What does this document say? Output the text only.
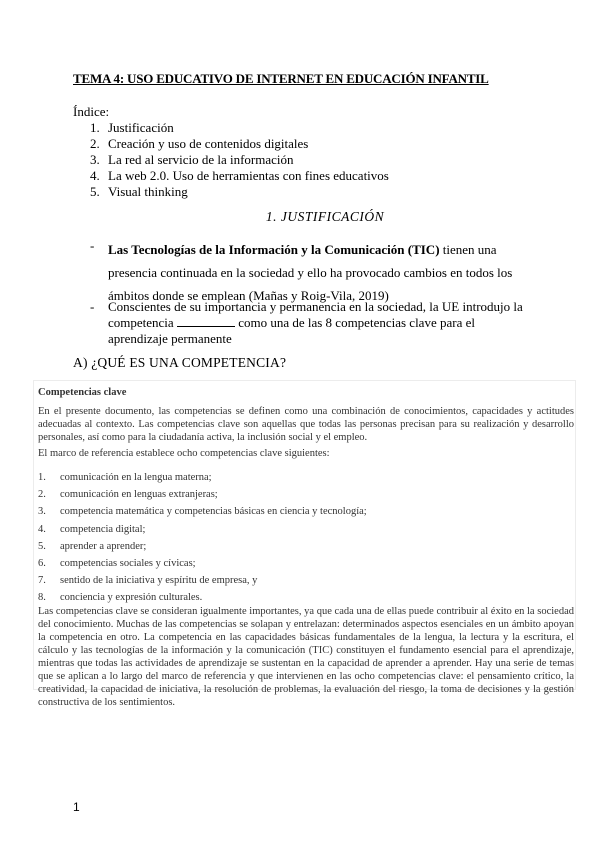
TEMA 4: USO EDUCATIVO DE INTERNET EN EDUCACIÓN INFANTIL
Índice:
1. Justificación
2. Creación y uso de contenidos digitales
3. La red al servicio de la información
4. La web 2.0. Uso de herramientas con fines educativos
5. Visual thinking
1. JUSTIFICACIÓN
- Las Tecnologías de la Información y la Comunicación (TIC) tienen una presencia continuada en la sociedad y ello ha provocado cambios en todos los ámbitos donde se emplean (Mañas y Roig-Vila, 2019)
- Conscientes de su importancia y permanencia en la sociedad, la UE introdujo la competencia	como una de las 8 competencias clave para el aprendizaje permanente
A) ¿QUÉ ES UNA COMPETENCIA?
Competencias clave
En el presente documento, las competencias se definen como una combinación de conocimientos, capacidades y actitudes adecuadas al contexto. Las competencias clave son aquellas que todas las personas precisan para su realización y desarrollo personales, así como para la ciudadanía activa, la inclusión social y el empleo.
El marco de referencia establece ocho competencias clave siguientes:
1. comunicación en la lengua materna;
2. comunicación en lenguas extranjeras;
3. competencia matemática y competencias básicas en ciencia y tecnología;
4. competencia digital;
5. aprender a aprender;
6. competencias sociales y cívicas;
7. sentido de la iniciativa y espíritu de empresa, y
8. conciencia y expresión culturales.
Las competencias clave se consideran igualmente importantes, ya que cada una de ellas puede contribuir al éxito en la sociedad del conocimiento. Muchas de las competencias se solapan y entrelazan: determinados aspectos esenciales en un ámbito apoyan la competencia en otro. La competencia en las capacidades básicas fundamentales de la lengua, la lectura y la escritura, el cálculo y las tecnologías de la información y la comunicación (TIC) constituyen el fundamento esencial para el aprendizaje, mientras que todas las actividades de aprendizaje se sustentan en la capacidad de aprender a aprender. Hay una serie de temas que se aplican a lo largo del marco de referencia y que intervienen en las ocho competencias clave: el pensamiento crítico, la creatividad, la capacidad de iniciativa, la resolución de problemas, la evaluación del riesgo, la toma de decisiones y la gestión constructiva de los sentimientos.
1
